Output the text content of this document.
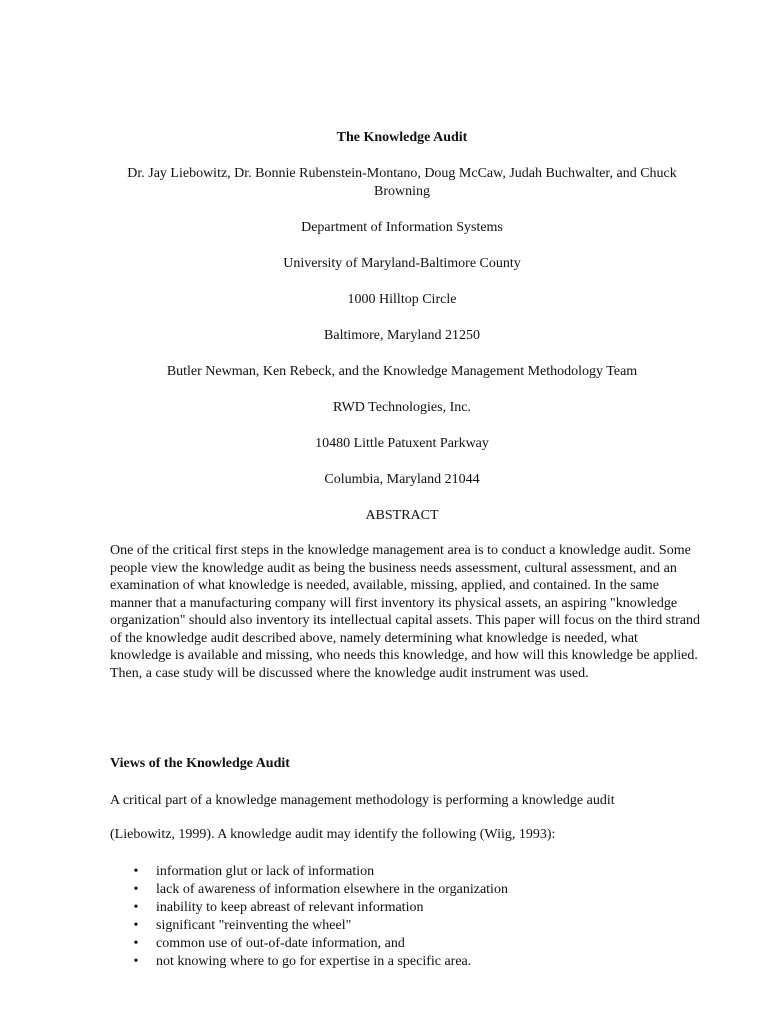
The Knowledge Audit

Dr. Jay Liebowitz, Dr. Bonnie Rubenstein-Montano, Doug McCaw, Judah Buchwalter, and Chuck Browning

Department of Information Systems

University of Maryland-Baltimore County

1000 Hilltop Circle

Baltimore, Maryland 21250

Butler Newman, Ken Rebeck, and the Knowledge Management Methodology Team

RWD Technologies, Inc.

10480 Little Patuxent Parkway

Columbia, Maryland 21044

ABSTRACT

One of the critical first steps in the knowledge management area is to conduct a knowledge audit. Some people view the knowledge audit as being the business needs assessment, cultural assessment, and an examination of what knowledge is needed, available, missing, applied, and contained. In the same manner that a manufacturing company will first inventory its physical assets, an aspiring "knowledge organization" should also inventory its intellectual capital assets. This paper will focus on the third strand of the knowledge audit described above, namely determining what knowledge is needed, what knowledge is available and missing, who needs this knowledge, and how will this knowledge be applied. Then, a case study will be discussed where the knowledge audit instrument was used.

Views of the Knowledge Audit

A critical part of a knowledge management methodology is performing a knowledge audit

(Liebowitz, 1999). A knowledge audit may identify the following (Wiig, 1993):

• information glut or lack of information
• lack of awareness of information elsewhere in the organization
• inability to keep abreast of relevant information
• significant "reinventing the wheel"
• common use of out-of-date information, and
• not knowing where to go for expertise in a specific area.
